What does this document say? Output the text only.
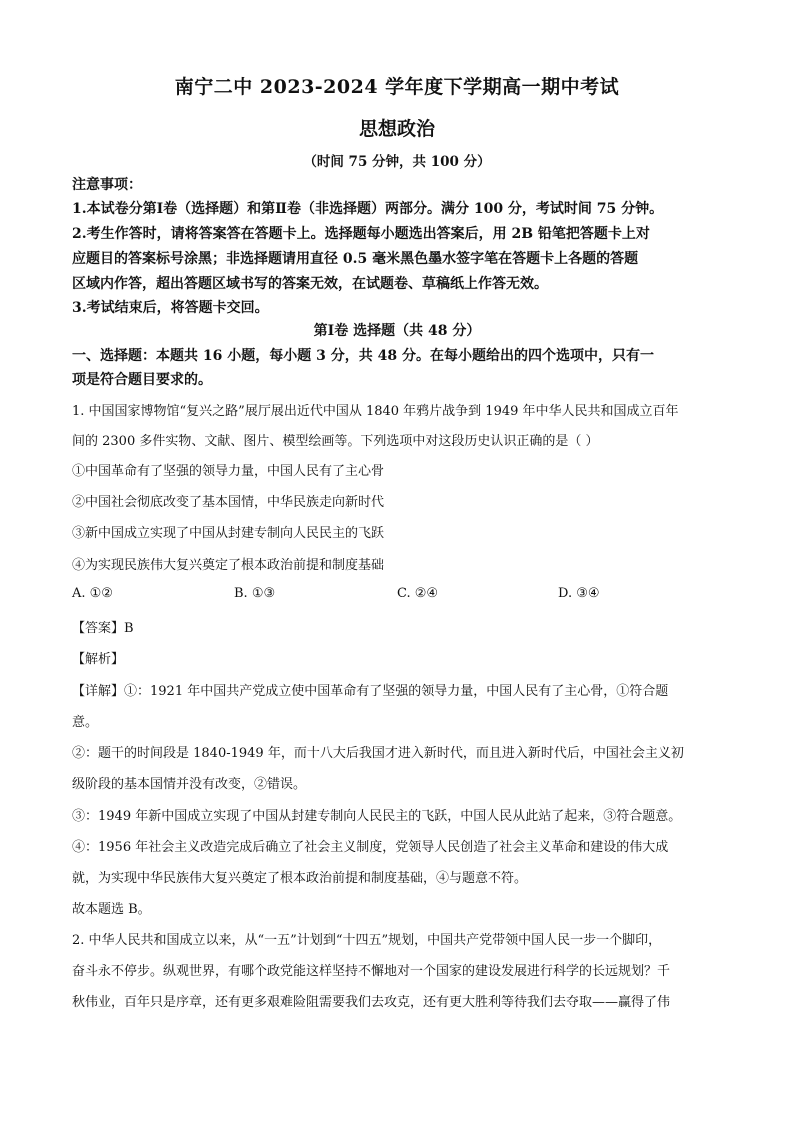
南宁二中 2023-2024 学年度下学期高一期中考试
思想政治
（时间 75 分钟，共 100 分）
注意事项：
1.本试卷分第Ⅰ卷（选择题）和第Ⅱ卷（非选择题）两部分。满分 100 分，考试时间 75 分钟。
2.考生作答时，请将答案答在答题卡上。选择题每小题选出答案后，用 2B 铅笔把答题卡上对
应题目的答案标号涂黑；非选择题请用直径 0.5 毫米黑色墨水签字笔在答题卡上各题的答题
区域内作答，超出答题区域书写的答案无效，在试题卷、草稿纸上作答无效。
3.考试结束后，将答题卡交回。
第Ⅰ卷 选择题（共 48 分）
一、选择题：本题共 16 小题，每小题 3 分，共 48 分。在每小题给出的四个选项中，只有一
项是符合题目要求的。
1. 中国国家博物馆“复兴之路”展厅展出近代中国从 1840 年鸦片战争到 1949 年中华人民共和国成立百年
间的 2300 多件实物、文献、图片、模型绘画等。下列选项中对这段历史认识正确的是（ ）
①中国革命有了坚强的领导力量，中国人民有了主心骨
②中国社会彻底改变了基本国情，中华民族走向新时代
③新中国成立实现了中国从封建专制向人民民主的飞跃
④为实现民族伟大复兴奠定了根本政治前提和制度基础
A. ①②	B. ①③	C. ②④	D. ③④
【答案】B
【解析】
【详解】①：1921 年中国共产党成立使中国革命有了坚强的领导力量，中国人民有了主心骨，①符合题
意。
②：题干的时间段是 1840-1949 年，而十八大后我国才进入新时代，而且进入新时代后，中国社会主义初
级阶段的基本国情并没有改变，②错误。
③：1949 年新中国成立实现了中国从封建专制向人民民主的飞跃，中国人民从此站了起来，③符合题意。
④：1956 年社会主义改造完成后确立了社会主义制度，党领导人民创造了社会主义革命和建设的伟大成
就，为实现中华民族伟大复兴奠定了根本政治前提和制度基础，④与题意不符。
故本题选 B。
2. 中华人民共和国成立以来，从“一五”计划到“十四五”规划，中国共产党带领中国人民一步一个脚印，
奋斗永不停步。纵观世界，有哪个政党能这样坚持不懈地对一个国家的建设发展进行科学的长远规划？千
秋伟业，百年只是序章，还有更多艰难险阻需要我们去攻克，还有更大胜利等待我们去夺取——赢得了伟
